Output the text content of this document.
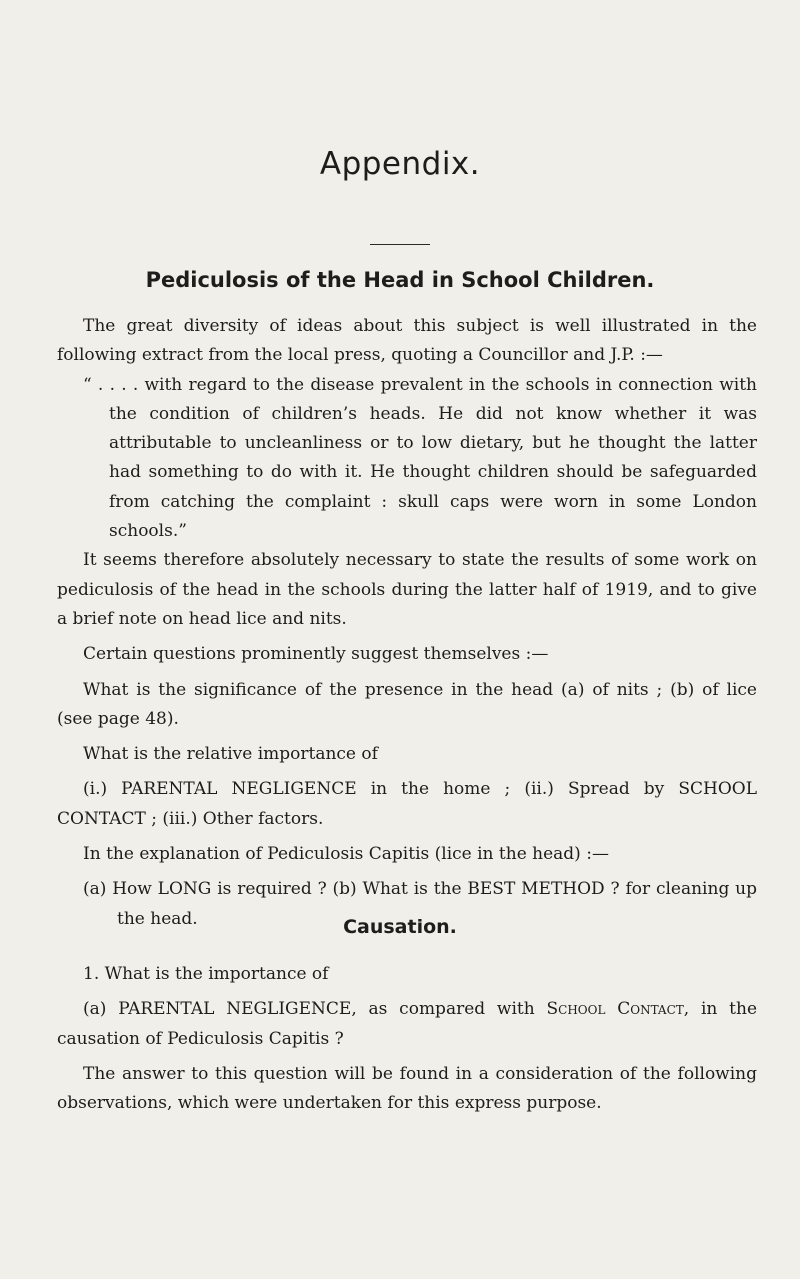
Appendix.
Pediculosis of the Head in School Children.

The great diversity of ideas about this subject is well illustrated in the following extract from the local press, quoting a Councillor and J.P. :—

“ . . . . with regard to the disease prevalent in the schools in connection with the condition of children’s heads. He did not know whether it was attributable to uncleanliness or to low dietary, but he thought the latter had something to do with it. He thought children should be safeguarded from catching the complaint : skull caps were worn in some London schools.”

It seems therefore absolutely necessary to state the results of some work on pediculosis of the head in the schools during the latter half of 1919, and to give a brief note on head lice and nits.

Certain questions prominently suggest themselves :—

What is the significance of the presence in the head (a) of nits ; (b) of lice (see page 48).

What is the relative importance of

(i.) PARENTAL NEGLIGENCE in the home ; (ii.) Spread by SCHOOL CONTACT ; (iii.) Other factors.

In the explanation of Pediculosis Capitis (lice in the head) :—

(a) How LONG is required ? (b) What is the BEST METHOD ? for cleaning up the head.	Causation.

1. What is the importance of

(a) PARENTAL NEGLIGENCE, as compared with School Contact, in the causation of Pediculosis Capitis ?

The answer to this question will be found in a consideration of the following observations, which were undertaken for this express purpose.
